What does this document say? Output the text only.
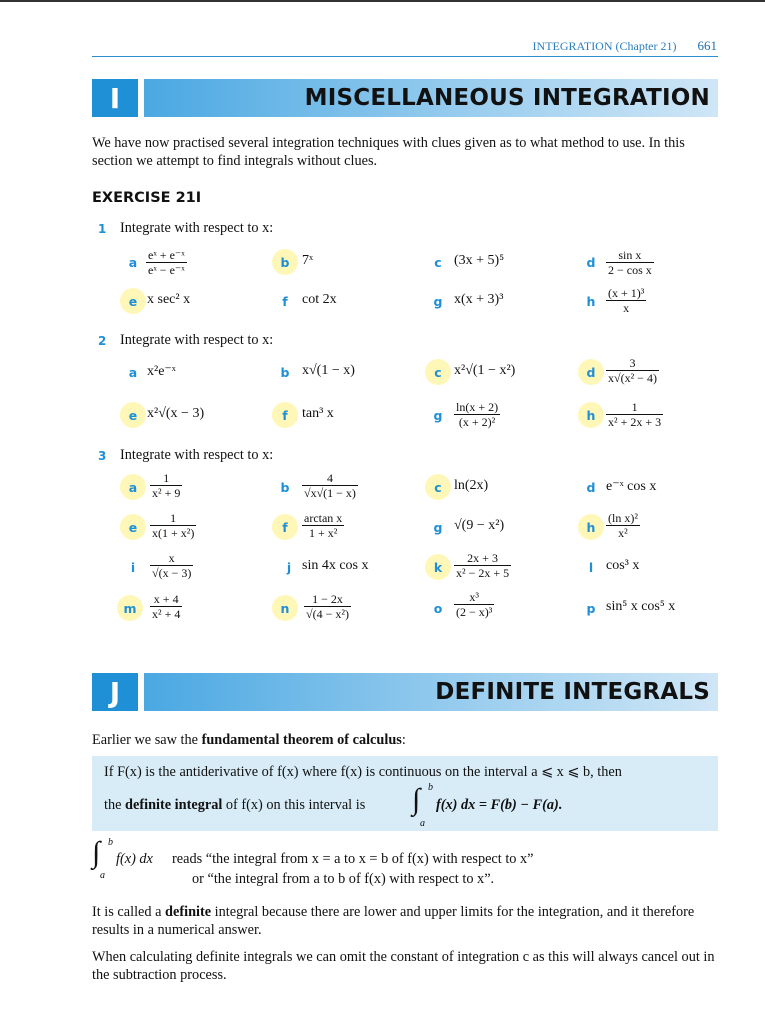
INTEGRATION (Chapter 21) 661
I	MISCELLANEOUS INTEGRATION
We have now practised several integration techniques with clues given as to what method to use. In this section we attempt to find integrals without clues.
EXERCISE 21I
1 Integrate with respect to x:
a $\frac{\text{eˣ + e⁻ˣ}}{\text{eˣ − e⁻ˣ}}$	b 7ˣ	c (3x + 5)⁵	d $\frac{\text{sin x}}{\text{2 − cos x}}$
e x sec² x	f	cot 2x	g x(x + 3)³	h $\frac{\text{(x + 1)³}}{x}$
2 Integrate with respect to x:
a x²e⁻ˣ	b x√(1 − x)	c x²√(1 − x²)	d $\frac{3}{\text{x√(x² − 4)}}$
e x²√(x − 3)	f	tan³ x	g $\frac{\ln(x + 2)}{\text{(x + 2)²}}$	h $\frac{1}{\text{x² + 2x + 3}}$
3 Integrate with respect to x:
a $\frac{1}{\text{x² + 9}}$	b $\frac{4}{√x√(1 - x)}$	c ln(2x)	d e⁻ˣ cos x
e $\frac{1}{\text{x(1 + x²)}}$	f	$\frac{\text{arctan x}}{\text{1 + x²}}$	g √(9 − x²)	h $\frac{\text{(ln x)²}}{\text{x²}}$
i	$\frac{x}{√(x - 3)}$	j sin 4x cos x	k $\frac{2x + 3}{\text{x² − 2x + 5}}$	l cos³ x
m $\frac{x + 4}{\text{x² + 4}}$	n $\frac{1 - 2x}{\text{√(4 − x²)}}$	o $\frac{\text{x³}}{\text{(2 − x)³}}$	p sin⁵ x cos⁵ x
J	DEFINITE INTEGRALS
Earlier we saw the fundamental theorem of calculus:
If F(x) is the antiderivative of f(x) where f(x) is continuous on the interval a ⩽ x ⩽ b, then
the definite integral of f(x) on this interval is ∫ b
a
f(x) dx = F(b) − F(a).
∫ b
a
f(x) dx reads “the integral from x = a to x = b of f(x) with respect to x”
or “the integral from a to b of f(x) with respect to x”.
It is called a definite integral because there are lower and upper limits for the integration, and it therefore results in a numerical answer.
When calculating definite integrals we can omit the constant of integration c as this will always cancel out in the subtraction process.
